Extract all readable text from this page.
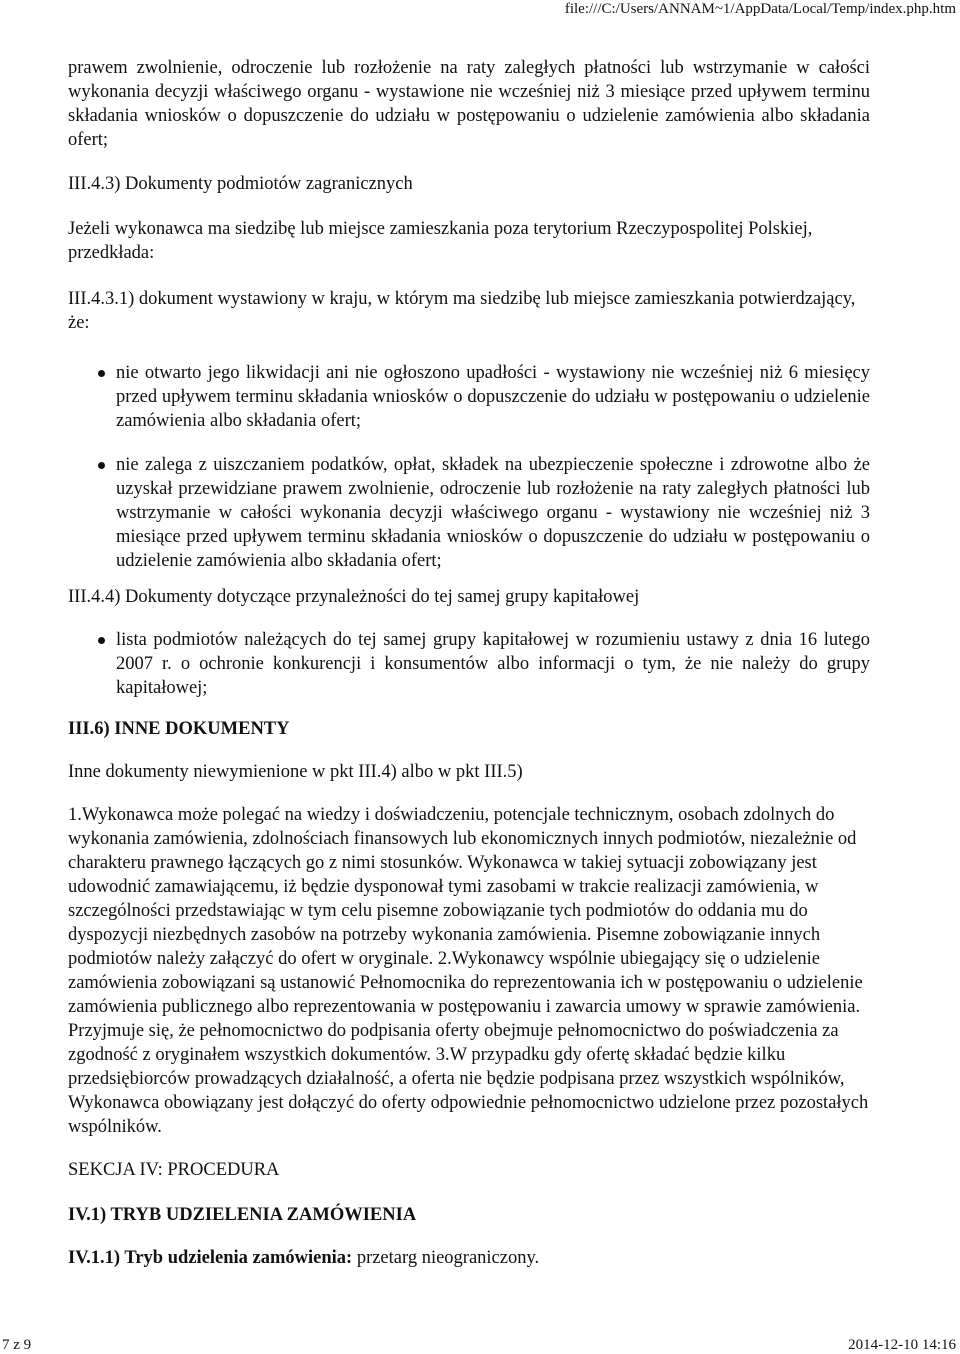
file:///C:/Users/ANNAM~1/AppData/Local/Temp/index.php.htm

prawem zwolnienie, odroczenie lub rozłożenie na raty zaległych płatności lub wstrzymanie w całości wykonania decyzji właściwego organu - wystawione nie wcześniej niż 3 miesiące przed upływem terminu składania wniosków o dopuszczenie do udziału w postępowaniu o udzielenie zamówienia albo składania ofert;

III.4.3) Dokumenty podmiotów zagranicznych

Jeżeli wykonawca ma siedzibę lub miejsce zamieszkania poza terytorium Rzeczypospolitej Polskiej, przedkłada:

III.4.3.1) dokument wystawiony w kraju, w którym ma siedzibę lub miejsce zamieszkania potwierdzający, że:

nie otwarto jego likwidacji ani nie ogłoszono upadłości - wystawiony nie wcześniej niż 6 miesięcy przed upływem terminu składania wniosków o dopuszczenie do udziału w postępowaniu o udzielenie zamówienia albo składania ofert;
nie zalega z uiszczaniem podatków, opłat, składek na ubezpieczenie społeczne i zdrowotne albo że uzyskał przewidziane prawem zwolnienie, odroczenie lub rozłożenie na raty zaległych płatności lub wstrzymanie w całości wykonania decyzji właściwego organu - wystawiony nie wcześniej niż 3 miesiące przed upływem terminu składania wniosków o dopuszczenie do udziału w postępowaniu o udzielenie zamówienia albo składania ofert;

III.4.4) Dokumenty dotyczące przynależności do tej samej grupy kapitałowej

lista podmiotów należących do tej samej grupy kapitałowej w rozumieniu ustawy z dnia 16 lutego 2007 r. o ochronie konkurencji i konsumentów albo informacji o tym, że nie należy do grupy kapitałowej;

III.6) INNE DOKUMENTY

Inne dokumenty niewymienione w pkt III.4) albo w pkt III.5)

1.Wykonawca może polegać na wiedzy i doświadczeniu, potencjale technicznym, osobach zdolnych do wykonania zamówienia, zdolnościach finansowych lub ekonomicznych innych podmiotów, niezależnie od charakteru prawnego łączących go z nimi stosunków. Wykonawca w takiej sytuacji zobowiązany jest udowodnić zamawiającemu, iż będzie dysponował tymi zasobami w trakcie realizacji zamówienia, w szczególności przedstawiając w tym celu pisemne zobowiązanie tych podmiotów do oddania mu do dyspozycji niezbędnych zasobów na potrzeby wykonania zamówienia. Pisemne zobowiązanie innych podmiotów należy załączyć do ofert w oryginale. 2.Wykonawcy wspólnie ubiegający się o udzielenie zamówienia zobowiązani są ustanowić Pełnomocnika do reprezentowania ich w postępowaniu o udzielenie zamówienia publicznego albo reprezentowania w postępowaniu i zawarcia umowy w sprawie zamówienia. Przyjmuje się, że pełnomocnictwo do podpisania oferty obejmuje pełnomocnictwo do poświadczenia za zgodność z oryginałem wszystkich dokumentów. 3.W przypadku gdy ofertę składać będzie kilku przedsiębiorców prowadzących działalność, a oferta nie będzie podpisana przez wszystkich wspólników, Wykonawca obowiązany jest dołączyć do oferty odpowiednie pełnomocnictwo udzielone przez pozostałych wspólników.

SEKCJA IV: PROCEDURA

IV.1) TRYB UDZIELENIA ZAMÓWIENIA

IV.1.1) Tryb udzielenia zamówienia: przetarg nieograniczony.

7 z 9	2014-12-10 14:16
